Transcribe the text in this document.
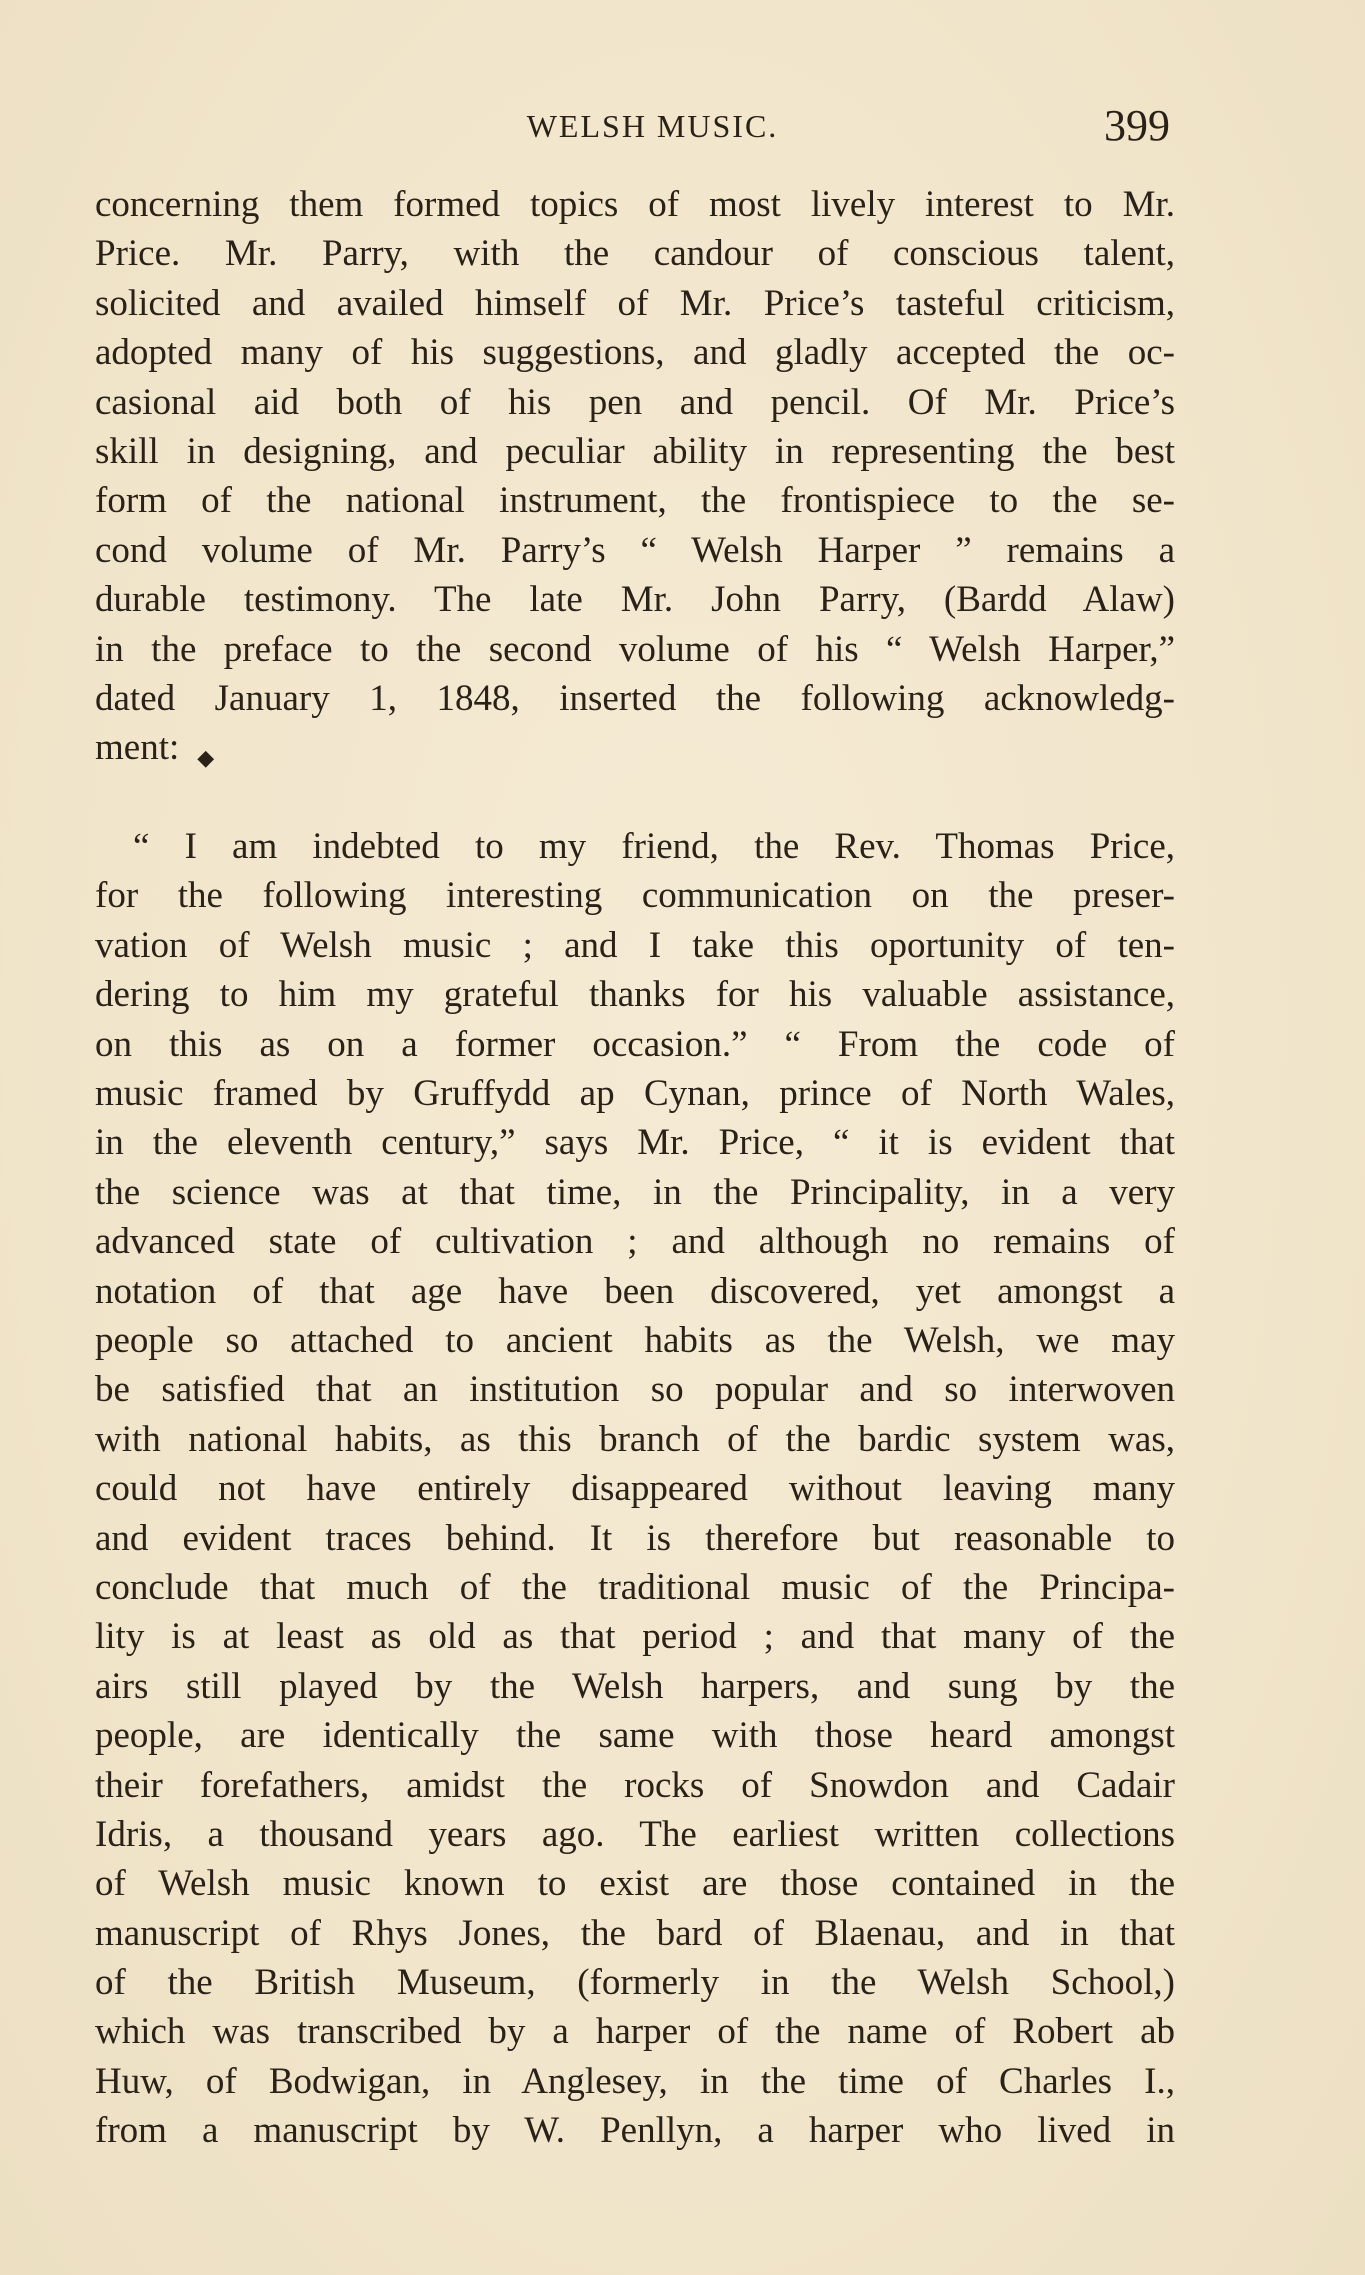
WELSH MUSIC.	399
concerning them formed topics of most lively interest to Mr.
Price. Mr. Parry, with the candour of conscious talent,
solicited and availed himself of Mr. Price’s tasteful criticism,
adopted many of his suggestions, and gladly accepted the oc-
casional aid both of his pen and pencil. Of Mr. Price’s
skill in designing, and peculiar ability in representing the best
form of the national instrument, the frontispiece to the se-
cond volume of Mr. Parry’s “ Welsh Harper ” remains a
durable testimony. The late Mr. John Parry, (Bardd Alaw)
in the preface to the second volume of his “ Welsh Harper,”
dated January 1, 1848, inserted the following acknowledg-
ment: ◆
“ I am indebted to my friend, the Rev. Thomas Price,
for the following interesting communication on the preser-
vation of Welsh music ; and I take this oportunity of ten-
dering to him my grateful thanks for his valuable assistance,
on this as on a former occasion.” “ From the code of
music framed by Gruffydd ap Cynan, prince of North Wales,
in the eleventh century,” says Mr. Price, “ it is evident that
the science was at that time, in the Principality, in a very
advanced state of cultivation ; and although no remains of
notation of that age have been discovered, yet amongst a
people so attached to ancient habits as the Welsh, we may
be satisfied that an institution so popular and so interwoven
with national habits, as this branch of the bardic system was,
could not have entirely disappeared without leaving many
and evident traces behind. It is therefore but reasonable to
conclude that much of the traditional music of the Principa-
lity is at least as old as that period ; and that many of the
airs still played by the Welsh harpers, and sung by the
people, are identically the same with those heard amongst
their forefathers, amidst the rocks of Snowdon and Cadair
Idris, a thousand years ago. The earliest written collections
of Welsh music known to exist are those contained in the
manuscript of Rhys Jones, the bard of Blaenau, and in that
of the British Museum, (formerly in the Welsh School,)
which was transcribed by a harper of the name of Robert ab
Huw, of Bodwigan, in Anglesey, in the time of Charles I.,
from a manuscript by W. Penllyn, a harper who lived in
